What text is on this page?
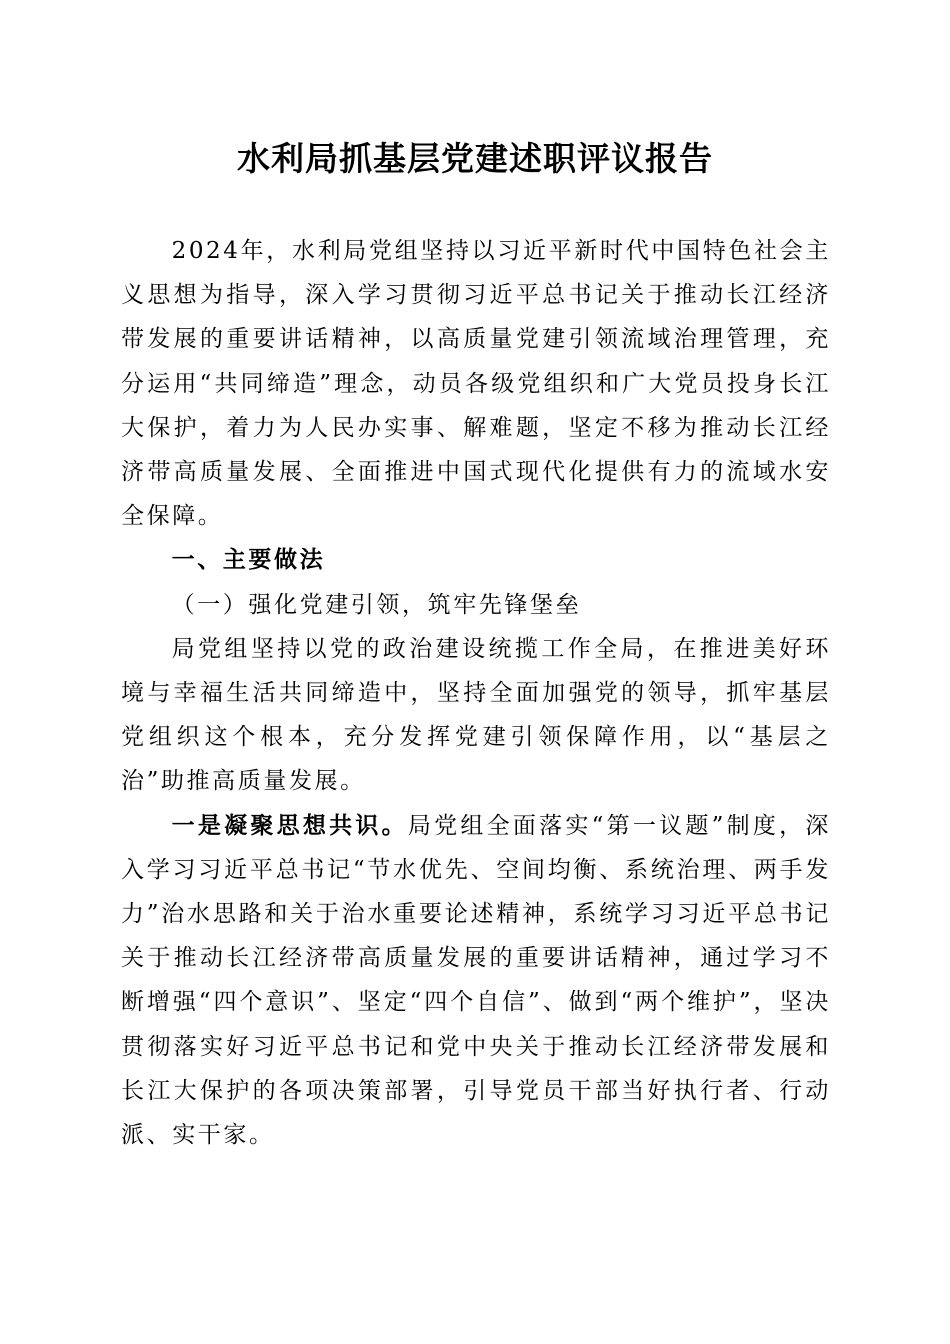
水利局抓基层党建述职评议报告

2024年，水利局党组坚持以习近平新时代中国特色社会主义思想为指导，深入学习贯彻习近平总书记关于推动长江经济带发展的重要讲话精神，以高质量党建引领流域治理管理，充分运用“共同缔造”理念，动员各级党组织和广大党员投身长江大保护，着力为人民办实事、解难题，坚定不移为推动长江经济带高质量发展、全面推进中国式现代化提供有力的流域水安全保障。

一、主要做法

（一）强化党建引领，筑牢先锋堡垒

局党组坚持以党的政治建设统揽工作全局，在推进美好环境与幸福生活共同缔造中，坚持全面加强党的领导，抓牢基层党组织这个根本，充分发挥党建引领保障作用，以“基层之治”助推高质量发展。

一是凝聚思想共识。局党组全面落实“第一议题”制度，深入学习习近平总书记“节水优先、空间均衡、系统治理、两手发力”治水思路和关于治水重要论述精神，系统学习习近平总书记关于推动长江经济带高质量发展的重要讲话精神，通过学习不断增强“四个意识”、坚定“四个自信”、做到“两个维护”，坚决贯彻落实好习近平总书记和党中央关于推动长江经济带发展和长江大保护的各项决策部署，引导党员干部当好执行者、行动派、实干家。
